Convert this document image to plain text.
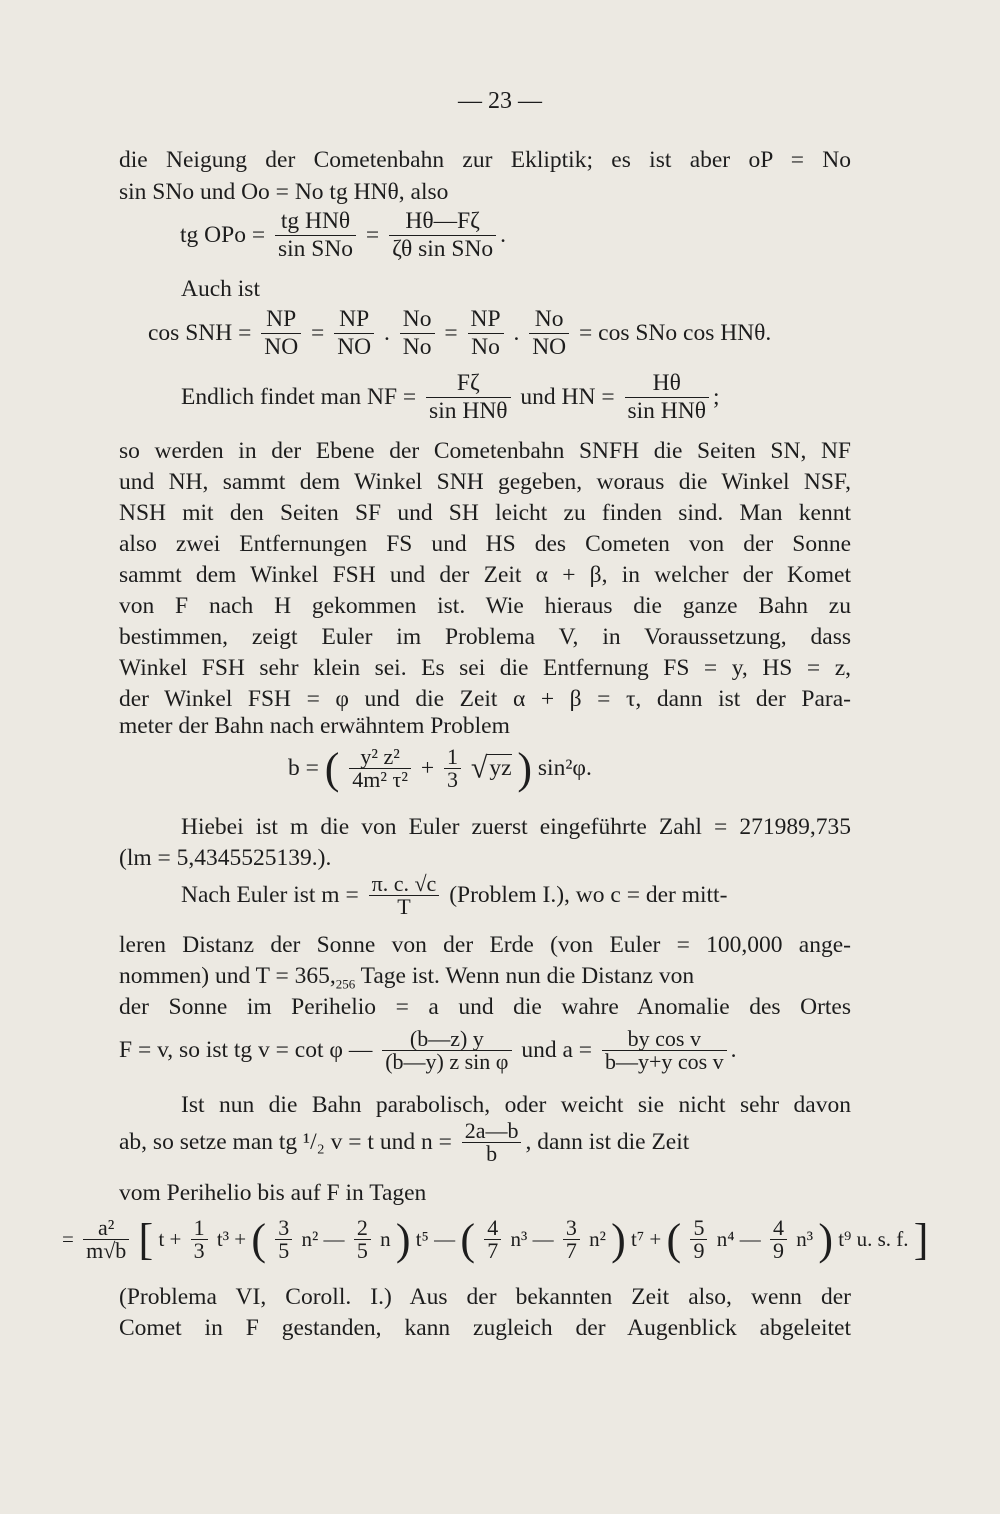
— 23 —
die Neigung der Cometenbahn zur Ekliptik; es ist aber oP = No
sin SNo und Oo = No tg HNθ, also
tg OPo = $\frac{\text{tg HNθ}}{\text{sin SNo}} = \frac{H\theta—F\zeta}{\text{ζθ sin SNo}}$ .
Auch ist
cos SNH = $\frac{NP}{NO} = \frac{NP}{NO}$ . $\frac{No}{No} = \frac{NP}{No}$ . $\frac{No}{NO} = \cos$ SNo cos HNθ.
Endlich findet man NF = $\frac{F\zeta}{\text{sin HNθ}}$ und HN = $\frac{H\theta}{\text{sin HNθ}}$ ;
so werden in der Ebene der Cometenbahn SNFH die Seiten SN, NF
und NH, sammt dem Winkel SNH gegeben, woraus die Winkel NSF,
NSH mit den Seiten SF und SH leicht zu finden sind. Man kennt
also zwei Entfernungen FS und HS des Cometen von der Sonne
sammt dem Winkel FSH und der Zeit α + β, in welcher der Komet
von F nach H gekommen ist. Wie hieraus die ganze Bahn zu
bestimmen, zeigt Euler im Problema V, in Voraussetzung, dass
Winkel FSH sehr klein sei. Es sei die Entfernung FS = y, HS = z,
der Winkel FSH = φ und die Zeit α + β = τ, dann ist der Para-
meter der Bahn nach erwähntem Problem
b = ( $\frac{\text{y² z²}}{\text{4m² τ²}} + \frac{1}{3} √yz$ ) sin²φ.
Hiebei ist m die von Euler zuerst eingeführte Zahl = 271989,735
(lm = 5,4345525139.).
Nach Euler ist $m = \frac{\pi. c. √c}{T}$ (Problem I.), wo c = der mitt-
leren Distanz der Sonne von der Erde (von Euler = 100,000 ange-
nommen) und $T = 365,_{256}$ Tage ist. Wenn nun die Distanz von
der Sonne im Perihelio = a und die wahre Anomalie des Ortes
F = v, so ist tg v = cot φ — $\frac{(b—z) y}{\text{(b—y) z sin φ}}$ und $a = \frac{\text{by cos v}}{\text{b—y+y cos v}}$ .
Ist nun die Bahn parabolisch, oder weicht sie nicht sehr davon
ab, so setze man tg ¹/₂ v = t und $n = \frac{2a—b}{b}$ , dann ist die Zeit
vom Perihelio bis auf F in Tagen
= $\frac{\text{a²}}{m√b}$ [ $t + \frac{1}{3} t^3$ + ( $\frac{3}{5} n^2$ — $\frac{2}{5}$ n ) t⁵ — ( $\frac{4}{7} n^3$ — $\frac{3}{7} n^2$ ) t⁷ + ( $\frac{5}{9} n^4$ — $\frac{4}{9} n^3$ ) t⁹ u. s. f. ]
(Problema VI, Coroll. I.) Aus der bekannten Zeit also, wenn der
Comet in F gestanden, kann zugleich der Augenblick abgeleitet
